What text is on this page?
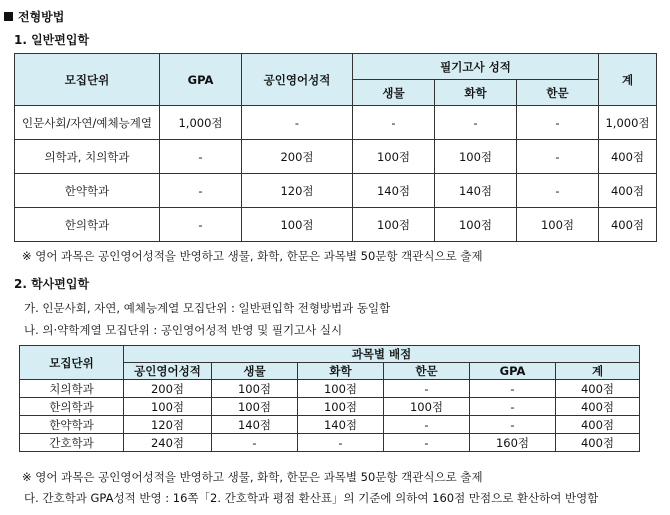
전형방법
1. 일반편입학
모집단위	GPA	공인영어성적	필기고사 성적			계
			생물	화학	한문	
인문사회/자연/예체능계열	1,000점	-	-	-	-	1,000점
의학과, 치의학과	-	200점	100점	100점	-	400점
한약학과	-	120점	140점	140점	-	400점
한의학과	-	100점	100점	100점	100점	400점
※ 영어 과목은 공인영어성적을 반영하고 생물, 화학, 한문은 과목별 50문항 객관식으로 출제
2. 학사편입학
가. 인문사회, 자연, 예체능계열 모집단위 : 일반편입학 전형방법과 동일함
나. 의·약학계열 모집단위 : 공인영어성적 반영 및 필기고사 실시
모집단위	과목별 배점					
	공인영어성적	생물	화학	한문	GPA	계
치의학과	200점	100점	100점	-	-	400점
한의학과	100점	100점	100점	100점	-	400점
한약학과	120점	140점	140점	-	-	400점
간호학과	240점	-	-	-	160점	400점
※ 영어 과목은 공인영어성적을 반영하고 생물, 화학, 한문은 과목별 50문항 객관식으로 출제
다. 간호학과 GPA성적 반영 : 16쪽「2. 간호학과 평점 환산표」의 기준에 의하여 160점 만점으로 환산하여 반영함
